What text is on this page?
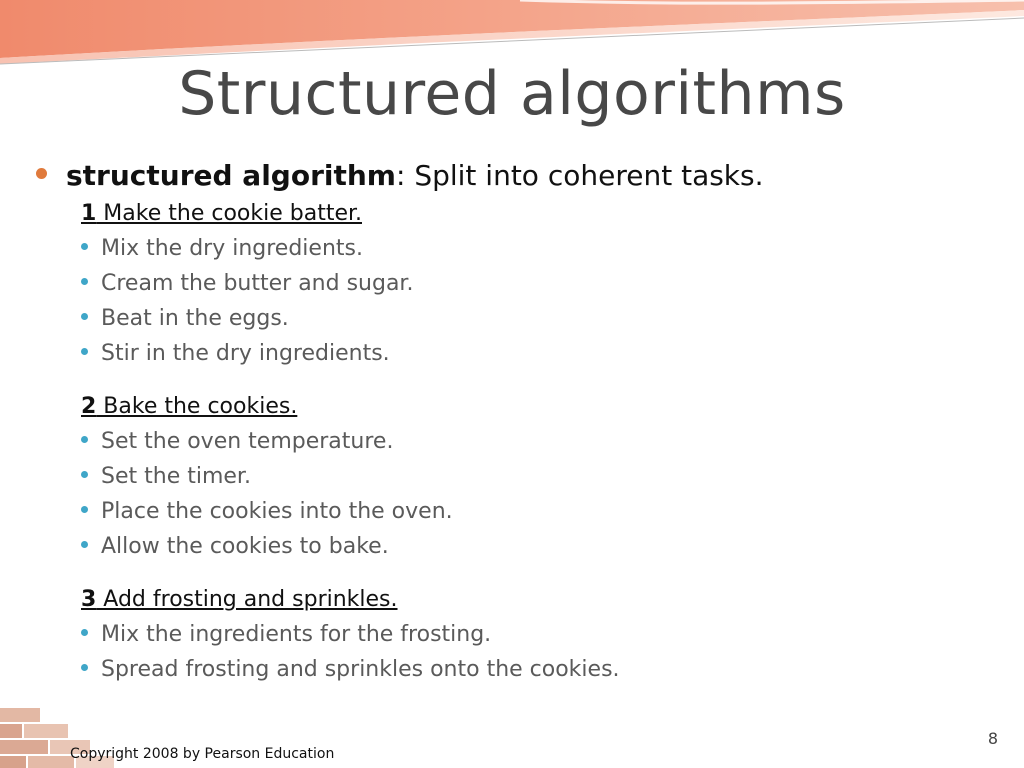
Structured algorithms
structured algorithm: Split into coherent tasks.
1 Make the cookie batter.
Mix the dry ingredients.
Cream the butter and sugar.
Beat in the eggs.
Stir in the dry ingredients.
2 Bake the cookies.
Set the oven temperature.
Set the timer.
Place the cookies into the oven.
Allow the cookies to bake.
3 Add frosting and sprinkles.
Mix the ingredients for the frosting.
Spread frosting and sprinkles onto the cookies.
Copyright 2008 by Pearson Education
8
